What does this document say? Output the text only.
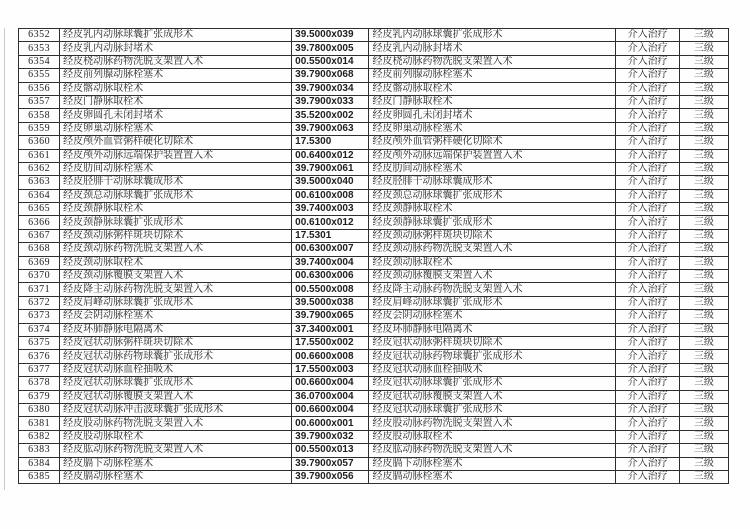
6352	经皮乳内动脉球囊扩张成形术	39.5000x039	经皮乳内动脉球囊扩张成形术	介入治疗	三级
6353	经皮乳内动脉封堵术	39.7800x005	经皮乳内动脉封堵术	介入治疗	三级
6354	经皮桡动脉药物洗脱支架置入术	00.5500x014	经皮桡动脉药物洗脱支架置入术	介入治疗	三级
6355	经皮前列腺动脉栓塞术	39.7900x068	经皮前列腺动脉栓塞术	介入治疗	三级
6356	经皮髂动脉取栓术	39.7900x034	经皮髂动脉取栓术	介入治疗	三级
6357	经皮门静脉取栓术	39.7900x033	经皮门静脉取栓术	介入治疗	三级
6358	经皮卵圆孔未闭封堵术	35.5200x002	经皮卵圆孔未闭封堵术	介入治疗	三级
6359	经皮卵巢动脉栓塞术	39.7900x063	经皮卵巢动脉栓塞术	介入治疗	三级
6360	经皮颅外血管粥样硬化切除术	17.5300	经皮颅外血管粥样硬化切除术	介入治疗	三级
6361	经皮颅外动脉远端保护装置置入术	00.6400x012	经皮颅外动脉远端保护装置置入术	介入治疗	三级
6362	经皮肋间动脉栓塞术	39.7900x061	经皮肋间动脉栓塞术	介入治疗	三级
6363	经皮胫腓干动脉球囊成形术	39.5000x040	经皮胫腓干动脉球囊成形术	介入治疗	三级
6364	经皮颈总动脉球囊扩张成形术	00.6100x008	经皮颈总动脉球囊扩张成形术	介入治疗	三级
6365	经皮颈静脉取栓术	39.7400x003	经皮颈静脉取栓术	介入治疗	三级
6366	经皮颈静脉球囊扩张成形术	00.6100x012	经皮颈静脉球囊扩张成形术	介入治疗	三级
6367	经皮颈动脉粥样斑块切除术	17.5301	经皮颈动脉粥样斑块切除术	介入治疗	三级
6368	经皮颈动脉药物洗脱支架置入术	00.6300x007	经皮颈动脉药物洗脱支架置入术	介入治疗	三级
6369	经皮颈动脉取栓术	39.7400x004	经皮颈动脉取栓术	介入治疗	三级
6370	经皮颈动脉覆膜支架置入术	00.6300x006	经皮颈动脉覆膜支架置入术	介入治疗	三级
6371	经皮降主动脉药物洗脱支架置入术	00.5500x008	经皮降主动脉药物洗脱支架置入术	介入治疗	三级
6372	经皮肩峰动脉球囊扩张成形术	39.5000x038	经皮肩峰动脉球囊扩张成形术	介入治疗	三级
6373	经皮会阴动脉栓塞术	39.7900x065	经皮会阴动脉栓塞术	介入治疗	三级
6374	经皮环肺静脉电隔离术	37.3400x001	经皮环肺静脉电隔离术	介入治疗	三级
6375	经皮冠状动脉粥样斑块切除术	17.5500x002	经皮冠状动脉粥样斑块切除术	介入治疗	三级
6376	经皮冠状动脉药物球囊扩张成形术	00.6600x008	经皮冠状动脉药物球囊扩张成形术	介入治疗	三级
6377	经皮冠状动脉血栓抽吸术	17.5500x003	经皮冠状动脉血栓抽吸术	介入治疗	三级
6378	经皮冠状动脉球囊扩张成形术	00.6600x004	经皮冠状动脉球囊扩张成形术	介入治疗	三级
6379	经皮冠状动脉覆膜支架置入术	36.0700x004	经皮冠状动脉覆膜支架置入术	介入治疗	三级
6380	经皮冠状动脉冲击波球囊扩张成形术	00.6600x004	经皮冠状动脉球囊扩张成形术	介入治疗	三级
6381	经皮股动脉药物洗脱支架置入术	00.6000x001	经皮股动脉药物洗脱支架置入术	介入治疗	三级
6382	经皮股动脉取栓术	39.7900x032	经皮股动脉取栓术	介入治疗	三级
6383	经皮肱动脉药物洗脱支架置入术	00.5500x013	经皮肱动脉药物洗脱支架置入术	介入治疗	三级
6384	经皮膈下动脉栓塞术	39.7900x057	经皮膈下动脉栓塞术	介入治疗	三级
6385	经皮膈动脉栓塞术	39.7900x056	经皮膈动脉栓塞术	介入治疗	三级
